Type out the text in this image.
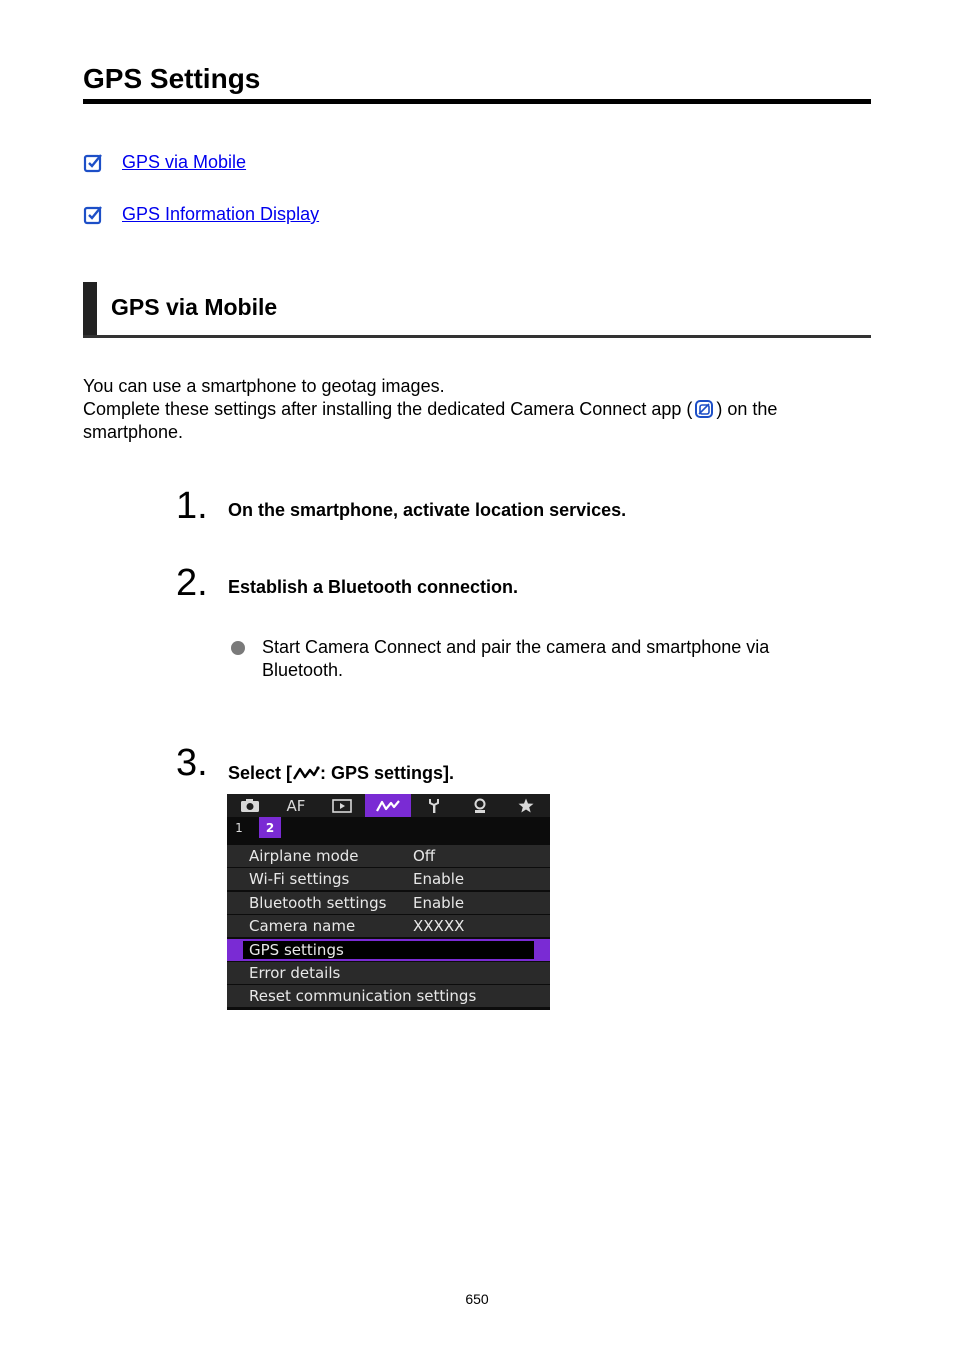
GPS Settings
GPS via Mobile
GPS Information Display
GPS via Mobile

You can use a smartphone to geotag images.

Complete these settings after installing the dedicated Camera Connect app ( ) on the

smartphone.

1. On the smartphone, activate location services.
2. Establish a Bluetooth connection.
Start Camera Connect and pair the camera and smartphone via Bluetooth.
3. Select [ : GPS settings].
AF
1	2
Airplane mode	Off
Wi-Fi settings	Enable
Bluetooth settings Enable
Camera name	XXXXX
GPS settings
Error details
Reset communication settings
650
